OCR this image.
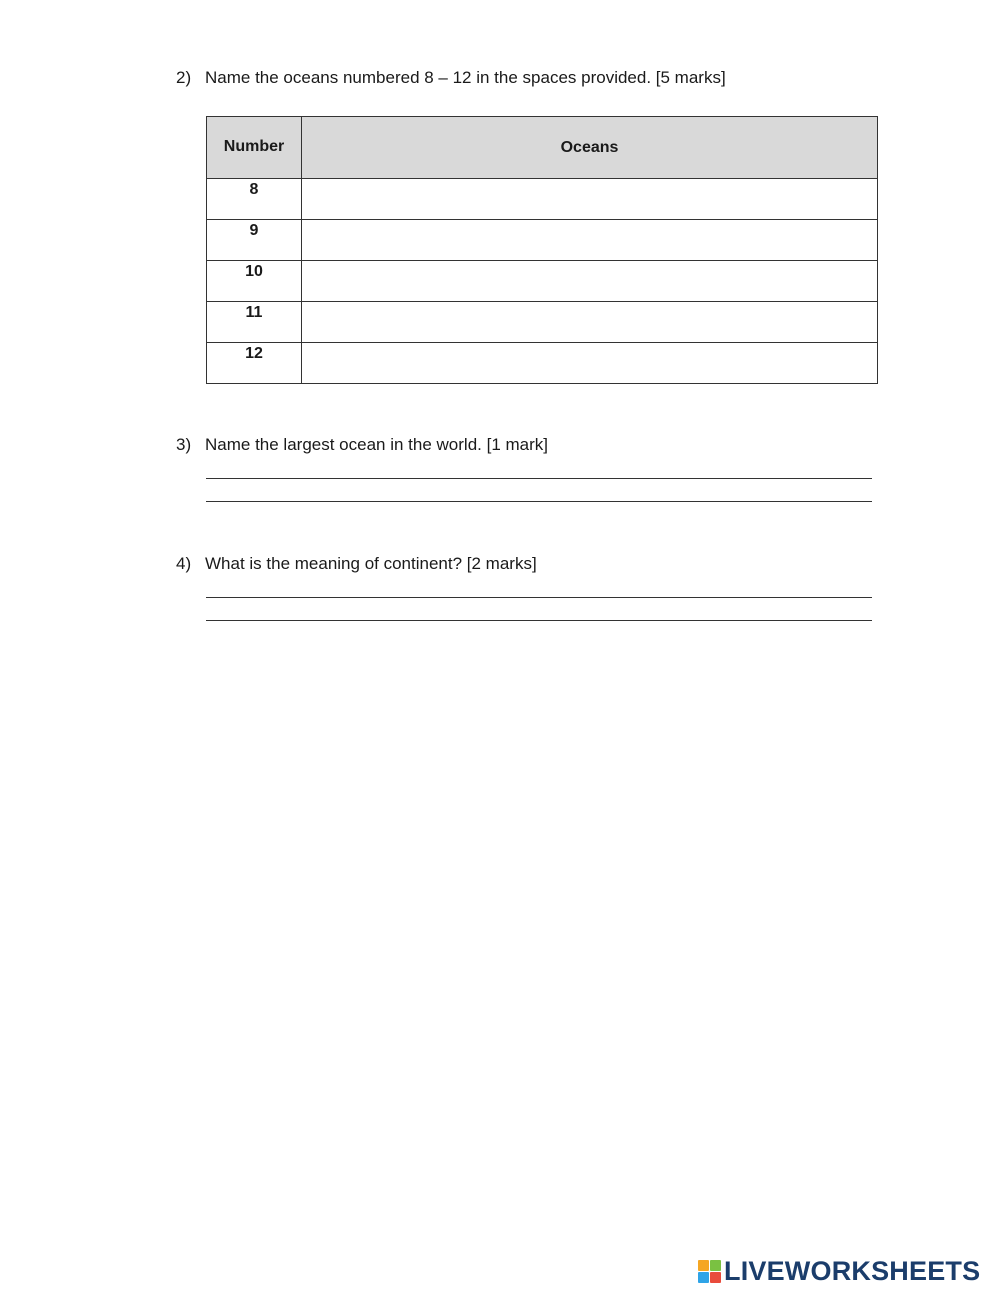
2) Name the oceans numbered 8 – 12 in the spaces provided. [5 marks]
Number	Oceans
8	
9	
10	
11	
12	
3) Name the largest ocean in the world. [1 mark]
4) What is the meaning of continent? [2 marks]
LIVEWORKSHEETS
